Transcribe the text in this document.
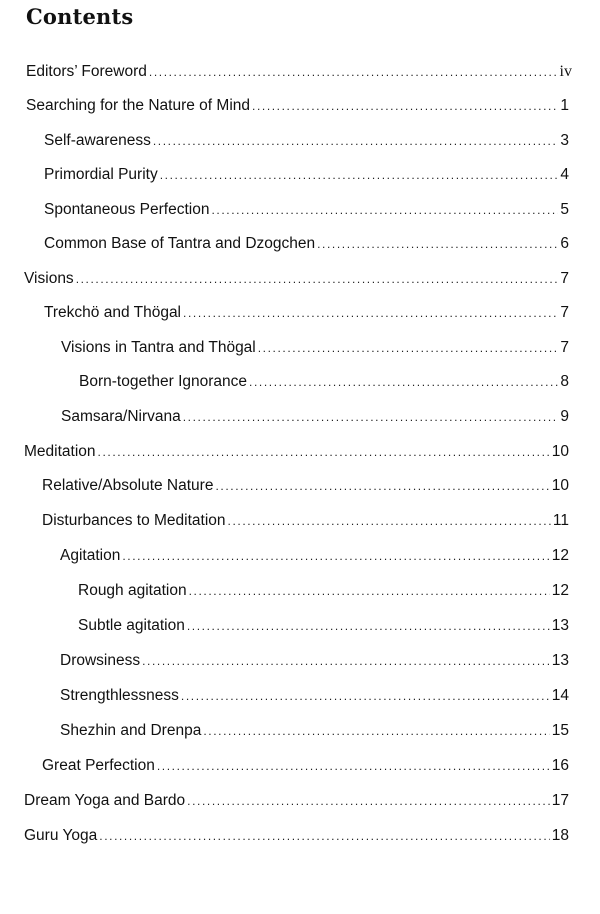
Contents
Editors’ Foreword .....	iv
Searching for the Nature of Mind .....	1
Self-awareness .....	3
Primordial Purity .....	4
Spontaneous Perfection .....	5
Common Base of Tantra and Dzogchen .....	6
Visions .....	7
Trekchö and Thögal .....	7
Visions in Tantra and Thögal .....	7
Born-together Ignorance .....	8
Samsara/Nirvana .....	9
Meditation .....	10
Relative/Absolute Nature .....	10
Disturbances to Meditation .....	11
Agitation .....	12
Rough agitation .....	12
Subtle agitation .....	13
Drowsiness .....	13
Strengthlessness .....	14
Shezhin and Drenpa .....	15
Great Perfection .....	16
Dream Yoga and Bardo .....	17
Guru Yoga .....	18
